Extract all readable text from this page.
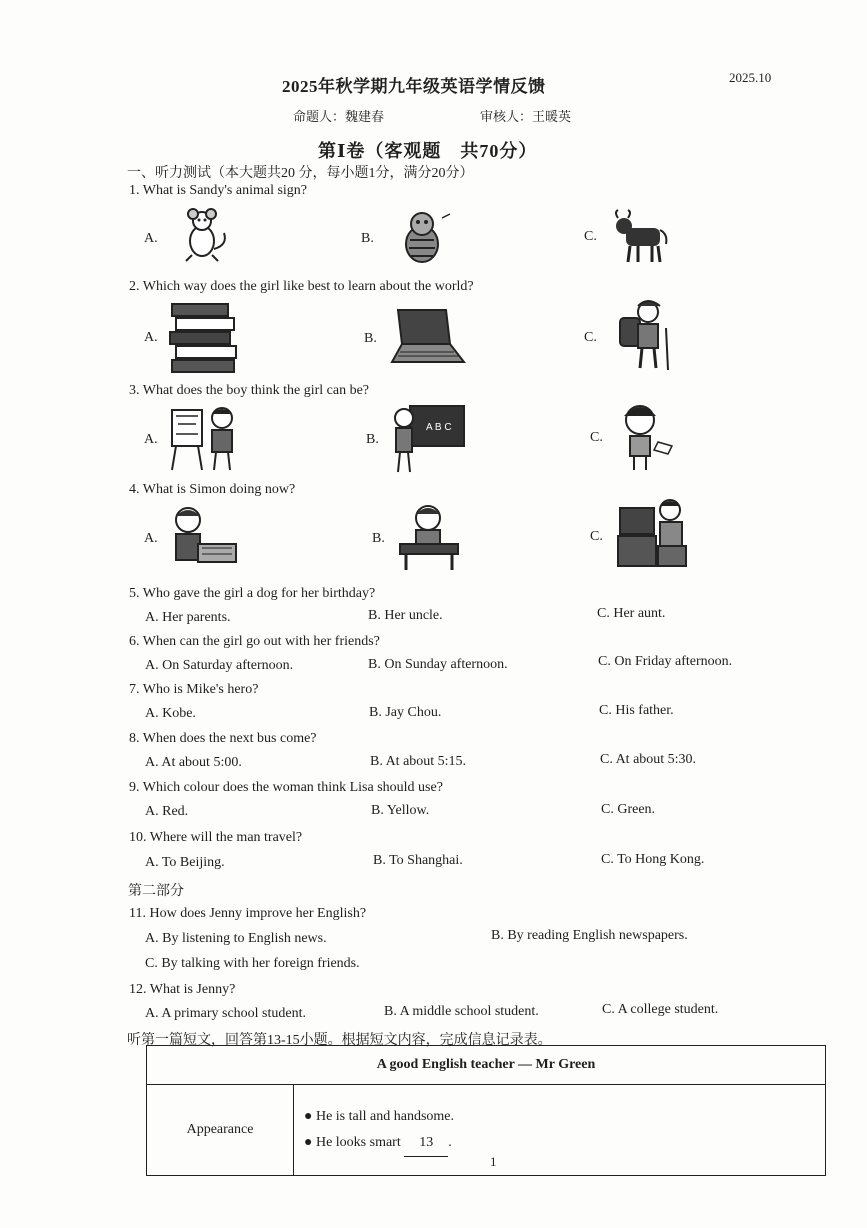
2025年秋学期九年级英语学情反馈	2025.10
命题人：魏建春	审核人：王暖英
第Ⅰ卷（客观题　共70分）
一、听力测试（本大题共20 分，每小题1分，满分20分）
1. What is Sandy's animal sign?
A.	B.	C.
2. Which way does the girl like best to learn about the world?
A.	B.	C.
3. What does the boy think the girl can be?
A.	B.
A B C
C.
4. What is Simon doing now?
A.	B.	C.
5. Who gave the girl a dog for her birthday?
A. Her parents.	B. Her uncle.	C. Her aunt.
6. When can the girl go out with her friends?
A. On Saturday afternoon.	B. On Sunday afternoon.	C. On Friday afternoon.
7. Who is Mike's hero?
A. Kobe.	B. Jay Chou.	C. His father.
8. When does the next bus come?
A. At about 5:00.	B. At about 5:15.	C. At about 5:30.
9. Which colour does the woman think Lisa should use?
A. Red.	B. Yellow.	C. Green.
10. Where will the man travel?
A. To Beijing.	B. To Shanghai.	C. To Hong Kong.
第二部分
11. How does Jenny improve her English?
A. By listening to English news.	B. By reading English newspapers.
C. By talking with her foreign friends.
12. What is Jenny?
A. A primary school student.	B. A middle school student.	C. A college student.
听第一篇短文，回答第13-15小题。根据短文内容，完成信息记录表。
A good English teacher — Mr Green
Appearance	
● He is tall and handsome.
● He looks smart 13 .
1
